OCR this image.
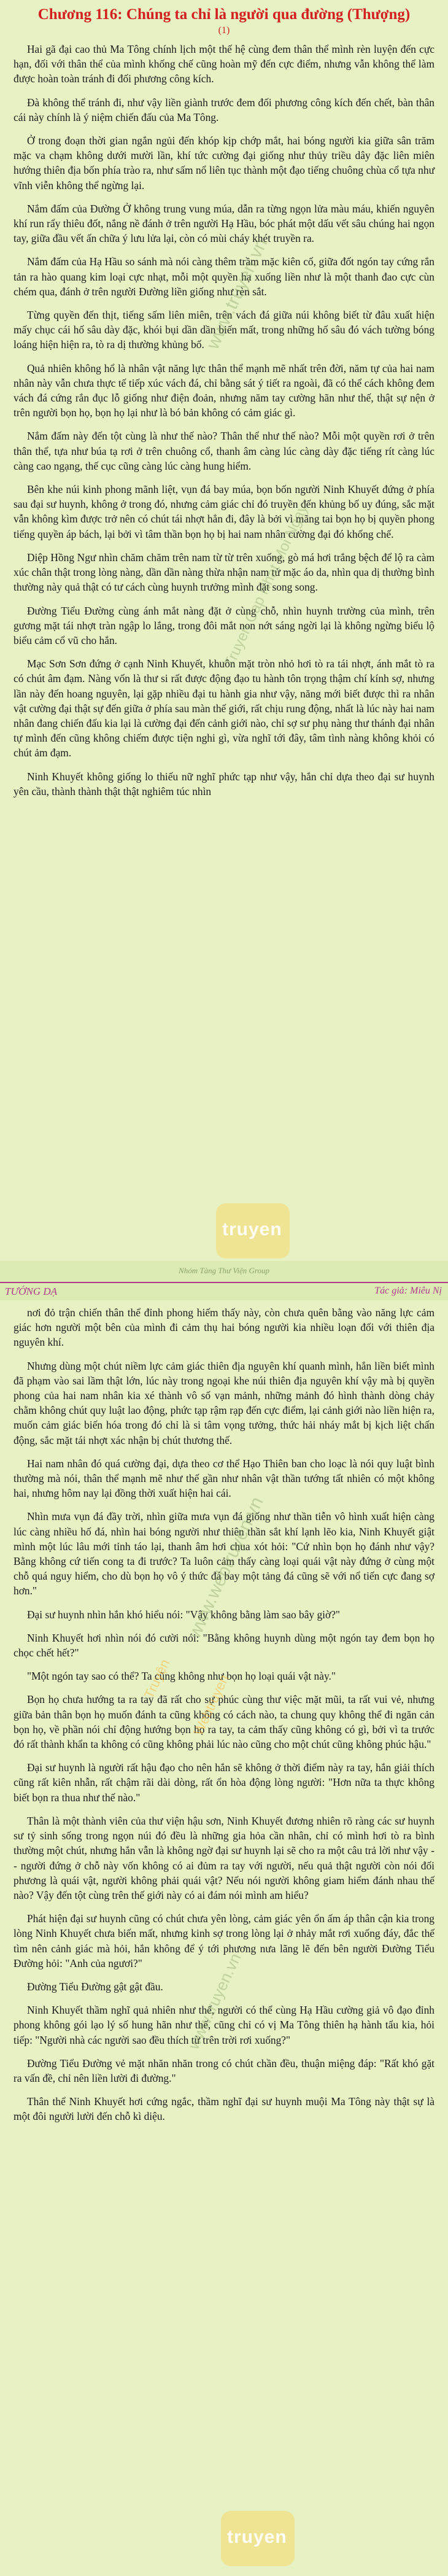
Chương 116: Chúng ta chỉ là người qua đường (Thượng)
(1)

Hai gã đại cao thủ Ma Tông chính lịch một thế hệ cùng đem thân thể mình rèn luyện đến cực hạn, đối với thân thể của mình khống chế cũng hoàn mỹ đến cực điểm, nhưng vẫn không thể làm được hoàn toàn tránh đi đối phương công kích.

Đà không thể tránh đi, như vậy liền giành trước đem đối phương công kích đến chết, bàn thân cái này chính là ý niệm chiến đấu của Ma Tông.

Ở trong đoạn thời gian ngắn ngủi đến khóp kịp chớp mắt, hai bóng người kia giữa sân trăm mặc va chạm không dưới mười lần, khí tức cường đại giống như thủy triều dây đặc liên miên hướng thiên địa bốn phía trào ra, như sấm nổ liên tục thành một đạo tiếng chuông chùa cổ tựa như vĩnh viễn không thể ngừng lại.

Nắm đấm của Đường Ở không trung vung múa, dẫn ra từng ngọn lửa màu máu, khiến nguyên khí run rẩy thiêu đốt, nắng nề đánh ở trên người Hạ Hầu, bóc phát một dấu vết sâu chúng hai ngọn tay, giữa đầu vết ấn chữa ý lưu lửa lại, còn có mùi cháy khét truyền ra.

Nắm đấm của Hạ Hầu so sánh mà nói càng thêm trầm mặc kiên cố, giữa đốt ngón tay cứng rắn tản ra hào quang kim loại cực nhạt, mỗi một quyền hạ xuống liền như là một thanh đao cực cùn chém qua, đánh ở trên người Đường liền giống như rèn sắt.

Từng quyền đến thịt, tiếng sấm liên miên, trên vách đá giữa núi không biết từ đâu xuất hiện mấy chục cái hố sâu dày đặc, khói bụi dần dần biến mất, trong những hố sâu đó vách tường bóng loáng hiện hiện ra, tò ra dị thường khủng bố.

Quả nhiên không hổ là nhân vật năng lực thân thể mạnh mẽ nhất trên đời, năm tự của hai nam nhân này vẫn chưa thực tế tiếp xúc vách đá, chỉ bằng sát ý tiết ra ngoài, đã có thể cách không đem vách đá cứng rắn đục lỗ giống như điện đoản, nhưng năm tay cường hãn như thế, thật sự nện ở trên người bọn họ, bọn họ lại như là bó bản không có cảm giác gì.

Nắm đấm này đến tột cùng là như thế nào? Thân thể như thế nào? Mỗi một quyền rơi ở trên thân thể, tựa như búa tạ rơi ở trên chuông cổ, thanh âm càng lúc càng dày đặc tiếng rít càng lúc càng cao ngạng, thế cục cũng càng lúc càng hung hiểm.

Bên khe núi kinh phong mãnh liệt, vụn đá bay múa, bọn bốn người Ninh Khuyết đứng ở phía sau đại sư huynh, không ở trong đó, nhưng cảm giác chỉ đó truyền đến khủng bố uy đúng, sắc mặt vẫn không kìm được trở nên có chút tái nhợt hẳn đi, đây là bởi vì mãng tai bọn họ bị quyền phong tiếng quyền áp bách, lại bởi vì tâm thần bọn họ bị hai nam nhân cường đại đó khống chế.

Diệp Hồng Ngư nhìn chăm chăm trên nam từ từ trên xuống, gò má hơi trắng bệch để lộ ra càm xúc chân thật trong lòng nàng, dần dần nàng thừa nhận nam tử mặc áo da, nhìn qua dị thường bình thường này quả thật có tư cách cùng huynh trưởng mình đặt song song.

Đường Tiểu Đường cùng ánh mắt nàng đặt ở cùng chỗ, nhìn huynh trường của mình, trên gương mặt tái nhợt tràn ngập lo lắng, trong đôi mắt non nớt sáng ngời lại là không ngừng biểu lộ biểu cảm cổ vũ cho hắn.

Mạc Sơn Sơn đứng ở cạnh Ninh Khuyết, khuôn mặt tròn nhỏ hơi tò ra tái nhợt, ánh mắt tò ra có chút âm đạm. Nàng vốn là thư si rất được động đạo tu hành tôn trọng thậm chí kính sợ, nhưng lần này đến hoang nguyên, lại gặp nhiều đại tu hành gia như vậy, năng mới biết được thì ra nhân vật cường đại thật sự đến giữa ở phía sau màn thế giới, rất chịu rung động, nhất là lúc này hai nam nhân đang chiến đấu kia lại là cường đại đến cảnh giới nào, chỉ sợ sư phụ nàng thư thánh đại nhân tự mình đến cũng không chiếm được tiện nghi gì, vừa nghĩ tới đây, tâm tình nàng không khỏi có chút ảm đạm.

Ninh Khuyết không giống lo thiếu nữ nghĩ phức tạp như vậy, hắn chỉ dựa theo đại sư huynh yên cầu, thành thành thật thật nghiêm túc nhìn

Nhóm Tàng Thư Viện Group
TƯỚNG DẠ	Tác giả: Miêu Nị

nơi đỏ trận chiến thân thể đỉnh phong hiếm thấy này, còn chưa quên bằng vào năng lực cảm giác hơn người một bên của mình đi cảm thụ hai bóng người kia nhiều loạn đối với thiên địa nguyên khí.

Nhưng dùng một chút niềm lực cảm giác thiên địa nguyên khí quanh mình, hắn liền biết mình đã phạm vào sai lầm thật lớn, lúc này trong ngoại khe núi thiên địa nguyên khí vậy mà bị quyền phong của hai nam nhân kia xé thành vô số vạn mảnh, những mảnh đó hình thành dòng chảy chằm không chút quy luật lao động, phức tạp rậm rạp đến cực điểm, lại cảnh giới nào liền hiện ra, muốn cảm giác biến hóa trong đó chỉ là si tâm vọng tưởng, thức hải nháy mắt bị kịch liệt chấn động, sắc mặt tái nhợt xác nhận bị chút thương thế.

Hai nam nhân đó quá cường đại, dựa theo cơ thể Hạo Thiên ban cho loạc là nói quy luật bình thường mà nói, thân thể mạnh mẽ như thế gần như nhân vật thần tướng tất nhiên có một không hai, nhưng hôm nay lại đồng thời xuất hiện hai cái.

Nhìn mưa vụn đá đầy trời, nhìn giữa mưa vụn đá giống như thần tiễn vô hình xuất hiện càng lúc càng nhiều hố đá, nhìn hai bóng người như thiên thần sắt khí lạnh lẽo kia, Ninh Khuyết giật mình một lúc lâu mới tỉnh táo lại, thanh âm hơi chua xót hỏi: "Cứ nhìn bọn họ đánh như vậy? Bằng không cứ tiến cong ta đi trước? Ta luôn cảm thấy càng loại quái vật này đứng ở cùng một chỗ quá nguy hiểm, cho dù bọn họ vô ý thức đá bay một tảng đá cũng sẽ với nổ tiến cực đang sợ hơn."

Đại sư huynh nhìn hắn khó hiểu nói: "Vậy không bằng làm sao bây giờ?"

Ninh Khuyết hơi nhìn nói đó cười nói: "Bằng không huynh dùng một ngón tay đem bọn họ chọc chết hết?"

"Một ngón tay sao có thể? Ta cũng không như bọn họ loại quái vật này."

Bọn họ chưa hướng ta ra tay đã rất cho sự phúc cùng thư việc mặt mũi, ta rất vui vẻ, nhưng giữa bản thân bọn họ muốn đánh ta cũng không có cách nào, ta chung quy không thể đi ngăn cản bọn họ, về phần nói chỉ động hướng bọn họ ra tay, ta cảm thấy cũng không có gì, bởi vì ta trước đó rất thành khẩn ta không có cũng không phải lúc nào cũng cho một chút cũng không phúc hậu."

Đại sư huynh là người rất hậu đạo cho nên hắn sẽ không ở thời điểm này ra tay, hắn giải thích cũng rất kiên nhẫn, rất chậm rãi dài dòng, rất ổn hòa động lòng người: "Hơn nữa ta thực không biết bọn ra thua như thế nào."

Thân là một thành viên của thư viện hậu sơn, Ninh Khuyết đương nhiên rõ ràng các sư huynh sư tỷ sinh sống trong ngọn núi đó đều là những gia hỏa cần nhân, chỉ có mình hơi tò ra bình thường một chút, nhưng hắn vẫn là không ngờ đại sư huynh lại sẽ cho ra một câu trả lời như vậy -- người đứng ở chỗ này vốn không có ai đủm ra tay với người, nếu quả thật người còn nói đối phương là quái vật, người không phải quái vật? Nếu nói người không giam hiểm đánh nhau thế nào? Vậy đến tột cùng trên thế giới này có ai đám nói mình am hiểu?

Phát hiện đại sư huynh cũng có chút chưa yên lòng, cảm giác yên ổn ấm áp thân cận kia trong lòng Ninh Khuyết chưa biến mất, nhưng kinh sợ trong lòng lại ở nhảy mắt rơi xuống đáy, đắc thế tìm nên cảnh giác mà hỏi, hắn không để ý tới phương nưa lãng lẽ đến bên người Đường Tiểu Đường hỏi: "Anh của ngươi?"

Đường Tiểu Đường gật gật đầu.

Ninh Khuyết thầm nghĩ quả nhiên như thế, người có thể cùng Hạ Hầu cường giả vô đạo đỉnh phong không gói lạo lý số hung hãn như thế, cũng chỉ có vị Ma Tông thiên hạ hành tẩu kia, hỏi tiếp: "Người nhà các người sao đều thích từ trên trời rơi xuống?"

Đường Tiểu Đường vẻ mặt nhăn nhăn trong có chút chần đều, thuận miệng đáp: "Rất khó gặt ra vấn đề, chỉ nên liền lười đi đường."

Thân thể Ninh Khuyết hơi cứng ngắc, thầm nghĩ đại sư huynh muội Ma Tông này thật sự là một đôi người lười đến chỗ kì diệu.

www.truyen.vn
Truyen Cap Nhat Moi Ngay
www.webtruyen.vn
Truyện Webtruyen
www.truyen.vn
truyen
truyen
